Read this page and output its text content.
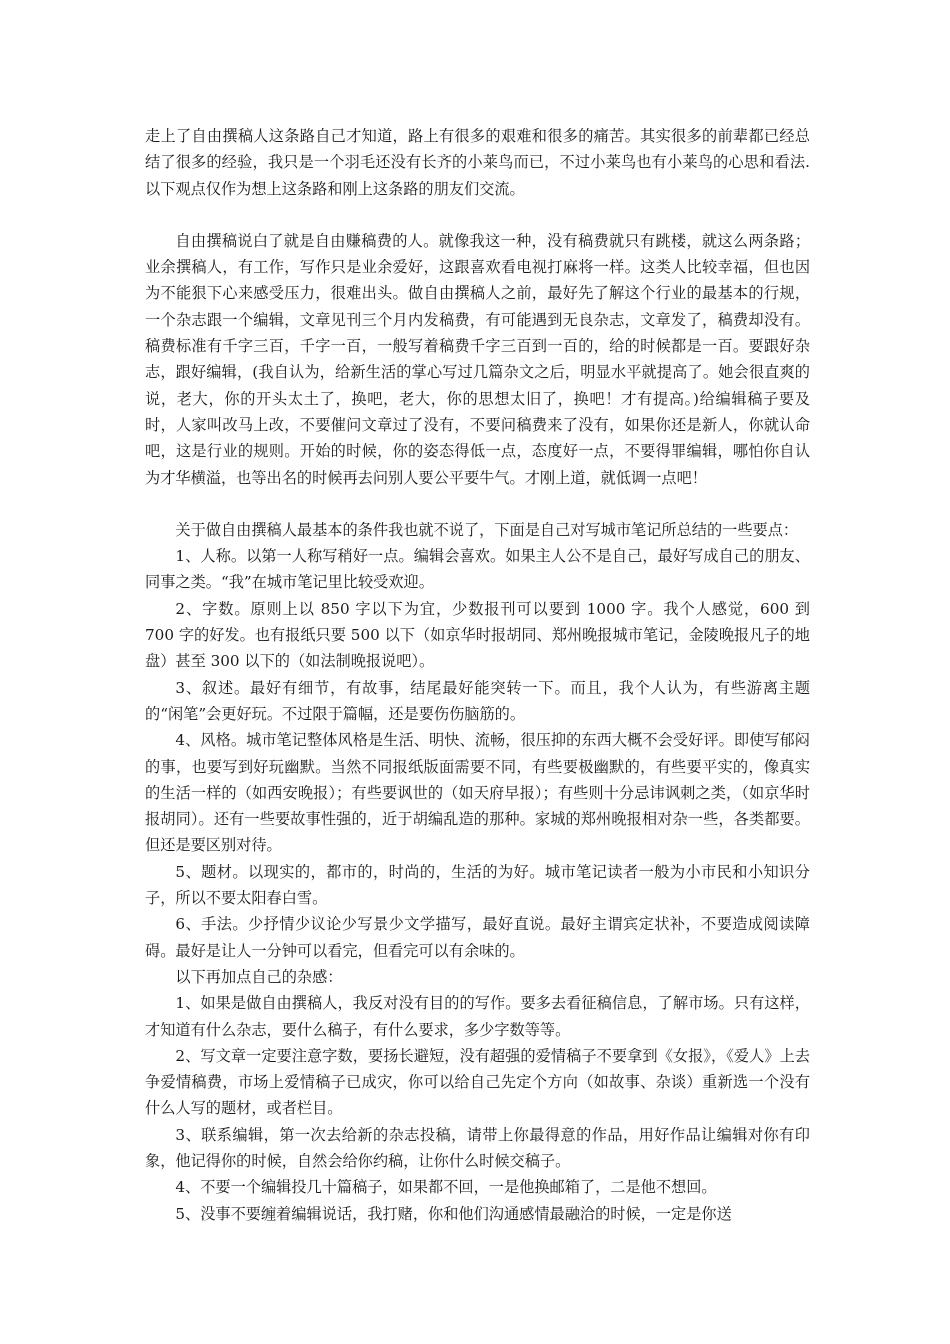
走上了自由撰稿人这条路自己才知道，路上有很多的艰难和很多的痛苦。其实很多的前辈都已经总结了很多的经验，我只是一个羽毛还没有长齐的小莱鸟而已，不过小莱鸟也有小莱鸟的心思和看法.以下观点仅作为想上这条路和刚上这条路的朋友们交流。

自由撰稿说白了就是自由赚稿费的人。就像我这一种，没有稿费就只有跳楼，就这么两条路；业余撰稿人，有工作，写作只是业余爱好，这跟喜欢看电视打麻将一样。这类人比较幸福，但也因为不能狠下心来感受压力，很难出头。做自由撰稿人之前，最好先了解这个行业的最基本的行规，一个杂志跟一个编辑，文章见刊三个月内发稿费，有可能遇到无良杂志，文章发了，稿费却没有。稿费标准有千字三百，千字一百，一般写着稿费千字三百到一百的，给的时候都是一百。要跟好杂志，跟好编辑，(我自认为，给新生活的掌心写过几篇杂文之后，明显水平就提高了。她会很直爽的说，老大，你的开头太土了，换吧，老大，你的思想太旧了，换吧！才有提高。)给编辑稿子要及时，人家叫改马上改，不要催问文章过了没有，不要问稿费来了没有，如果你还是新人，你就认命吧，这是行业的规则。开始的时候，你的姿态得低一点，态度好一点，不要得罪编辑，哪怕你自认为才华横溢，也等出名的时候再去问别人要公平要牛气。才刚上道，就低调一点吧！

关于做自由撰稿人最基本的条件我也就不说了，下面是自己对写城市笔记所总结的一些要点：

1、人称。以第一人称写稍好一点。编辑会喜欢。如果主人公不是自己，最好写成自己的朋友、同事之类。“我”在城市笔记里比较受欢迎。

2、字数。原则上以 850 字以下为宜，少数报刊可以要到 1000 字。我个人感觉，600 到 700 字的好发。也有报纸只要 500 以下（如京华时报胡同、郑州晚报城市笔记，金陵晚报凡子的地盘）甚至 300 以下的（如法制晚报说吧）。

3、叙述。最好有细节，有故事，结尾最好能突转一下。而且，我个人认为，有些游离主题的“闲笔”会更好玩。不过限于篇幅，还是要伤伤脑筋的。

4、风格。城市笔记整体风格是生活、明快、流畅，很压抑的东西大概不会受好评。即使写郁闷的事，也要写到好玩幽默。当然不同报纸版面需要不同，有些要极幽默的，有些要平实的，像真实的生活一样的（如西安晚报）；有些要讽世的（如天府早报）；有些则十分忌讳讽刺之类，（如京华时报胡同）。还有一些要故事性强的，近于胡编乱造的那种。家城的郑州晚报相对杂一些，各类都要。但还是要区别对待。

5、题材。以现实的，都市的，时尚的，生活的为好。城市笔记读者一般为小市民和小知识分子，所以不要太阳春白雪。

6、手法。少抒情少议论少写景少文学描写，最好直说。最好主谓宾定状补，不要造成阅读障碍。最好是让人一分钟可以看完，但看完可以有余味的。

以下再加点自己的杂感：

1、如果是做自由撰稿人，我反对没有目的的写作。要多去看征稿信息，了解市场。只有这样，才知道有什么杂志，要什么稿子，有什么要求，多少字数等等。

2、写文章一定要注意字数，要扬长避短，没有超强的爱情稿子不要拿到《女报》，《爱人》上去争爱情稿费，市场上爱情稿子已成灾，你可以给自己先定个方向（如故事、杂谈）重新选一个没有什么人写的题材，或者栏目。

3、联系编辑，第一次去给新的杂志投稿，请带上你最得意的作品，用好作品让编辑对你有印象，他记得你的时候，自然会给你约稿，让你什么时候交稿子。

4、不要一个编辑投几十篇稿子，如果都不回，一是他换邮箱了，二是他不想回。

5、没事不要缠着编辑说话，我打赌，你和他们沟通感情最融洽的时候，一定是你送
